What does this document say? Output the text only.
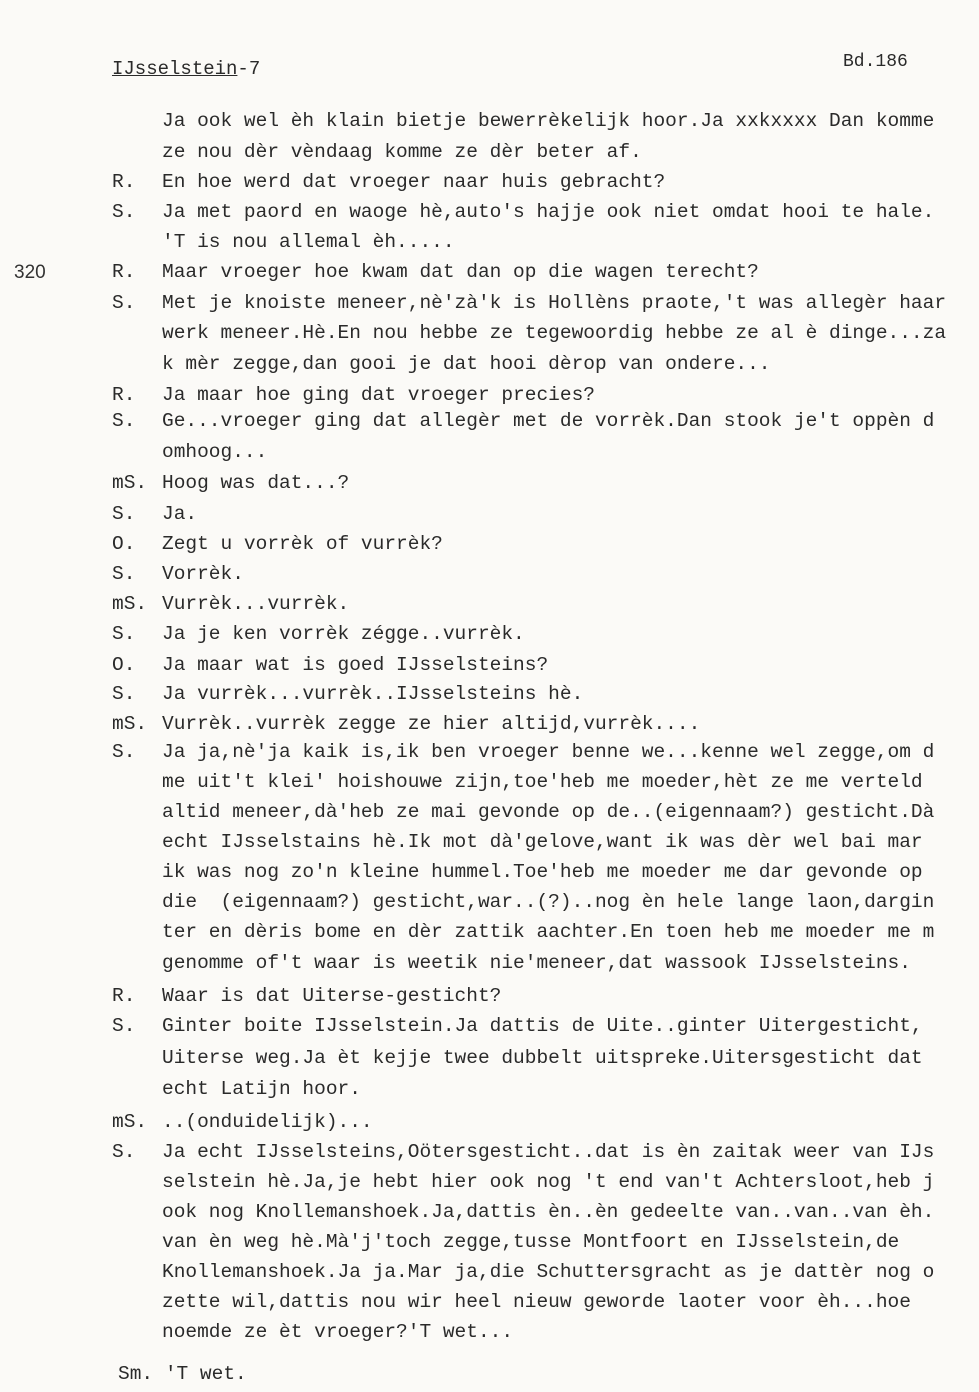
IJsselstein-7	Bd.186
320
Ja ook wel èh klain bietje bewerrèkelijk hoor.Ja xxkxxxx Dan komme
ze nou dèr vèndaag komme ze dèr beter af.
R. En hoe werd dat vroeger naar huis gebracht?
S. Ja met paord en waoge hè,auto's hajje ook niet omdat hooi te hale.
'T is nou allemal èh.....
R. Maar vroeger hoe kwam dat dan op die wagen terecht?
S. Met je knoiste meneer,nè'zà'k is Hollèns praote,'t was allegèr haar
werk meneer.Hè.En nou hebbe ze tegewoordig hebbe ze al è dinge...za
k mèr zegge,dan gooi je dat hooi dèrop van ondere...
R. Ja maar hoe ging dat vroeger precies?
S. Ge...vroeger ging dat allegèr met de vorrèk.Dan stook je't oppèn d
omhoog...
mS. Hoog was dat...?
S. Ja.
O. Zegt u vorrèk of vurrèk?
S. Vorrèk.
mS. Vurrèk...vurrèk.
S. Ja je ken vorrèk zégge..vurrèk.
O. Ja maar wat is goed IJsselsteins?
S. Ja vurrèk...vurrèk..IJsselsteins hè.
mS. Vurrèk..vurrèk zegge ze hier altijd,vurrèk....
S. Ja ja,nè'ja kaik is,ik ben vroeger benne we...kenne wel zegge,om d
me uit't klei' hoishouwe zijn,toe'heb me moeder,hèt ze me verteld
altid meneer,dà'heb ze mai gevonde op de..(eigennaam?) gesticht.Dà
echt IJsselstains hè.Ik mot dà'gelove,want ik was dèr wel bai mar
ik was nog zo'n kleine hummel.Toe'heb me moeder me dar gevonde op
die  (eigennaam?) gesticht,war..(?)..nog èn hele lange laon,dargin
ter en dèris bome en dèr zattik aachter.En toen heb me moeder me m
genomme of't waar is weetik nie'meneer,dat wassook IJsselsteins.
R. Waar is dat Uiterse-gesticht?
S. Ginter boite IJsselstein.Ja dattis de Uite..ginter Uitergesticht,
Uiterse weg.Ja èt kejje twee dubbelt uitspreke.Uitersgesticht dat
echt Latijn hoor.
mS. ..(onduidelijk)...
S. Ja echt IJsselsteins,Oötersgesticht..dat is èn zaitak weer van IJs
selstein hè.Ja,je hebt hier ook nog 't end van't Achtersloot,heb j
ook nog Knollemanshoek.Ja,dattis èn..èn gedeelte van..van..van èh.
van èn weg hè.Mà'j'toch zegge,tusse Montfoort en IJsselstein,de
Knollemanshoek.Ja ja.Mar ja,die Schuttersgracht as je dattèr nog o
zette wil,dattis nou wir heel nieuw geworde laoter voor èh...hoe
noemde ze èt vroeger?'T wet...
Sm. 'T wet.
